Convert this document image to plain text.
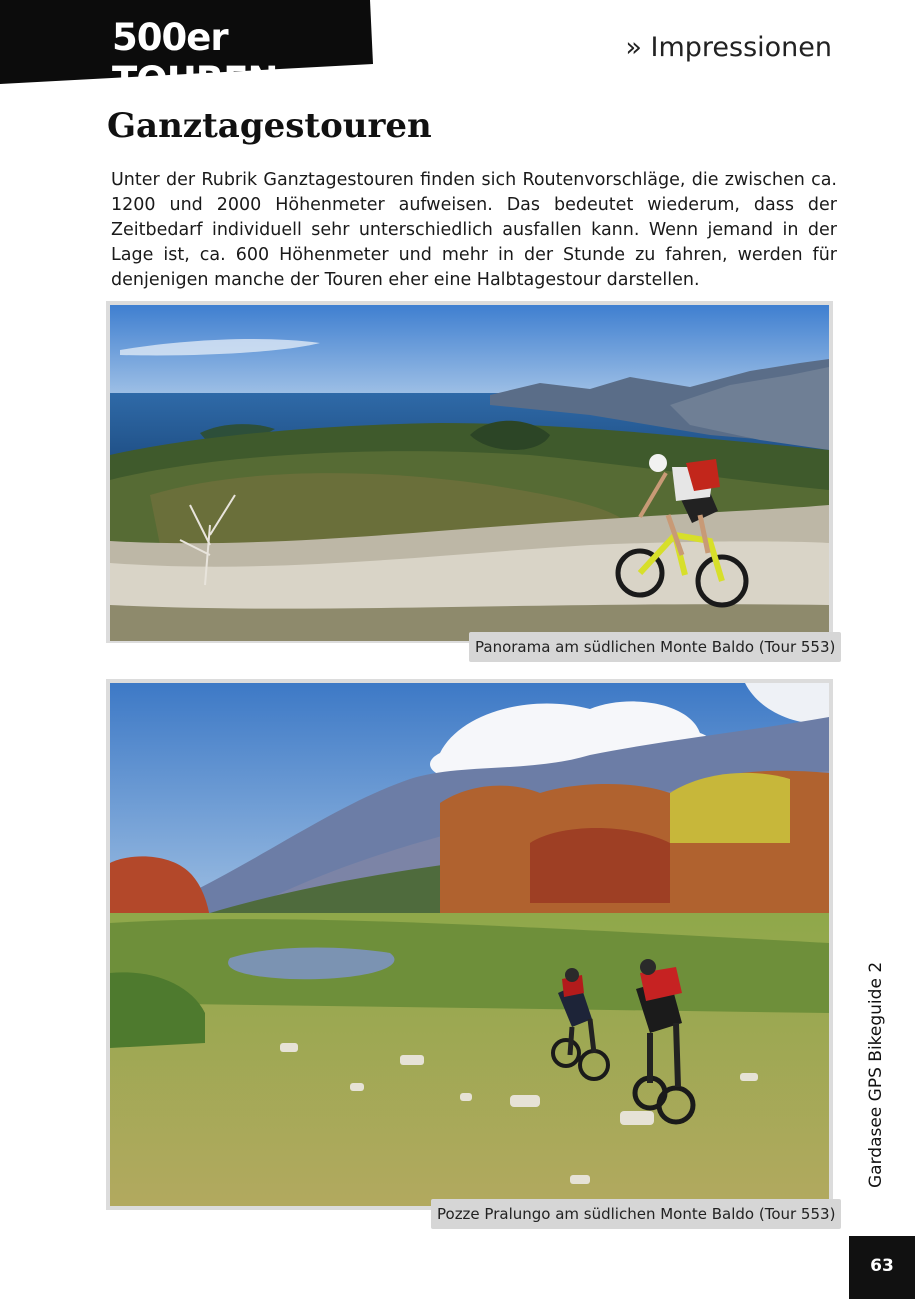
500er TOUREN
» Impressionen
Ganztagestouren

Unter der Rubrik Ganztagestouren finden sich Routenvorschläge, die zwischen ca. 1200 und 2000 Höhenmeter aufweisen. Das bedeutet wiederum, dass der Zeitbedarf individuell sehr unterschiedlich ausfallen kann. Wenn jemand in der Lage ist, ca. 600 Höhenmeter und mehr in der Stunde zu fahren, werden für denjenigen manche der Touren eher eine Halbtagestour darstellen.

Panorama am südlichen Monte Baldo (Tour 553)
Pozze Pralungo am südlichen Monte Baldo (Tour 553)
Gardasee GPS Bikeguide 2
63
